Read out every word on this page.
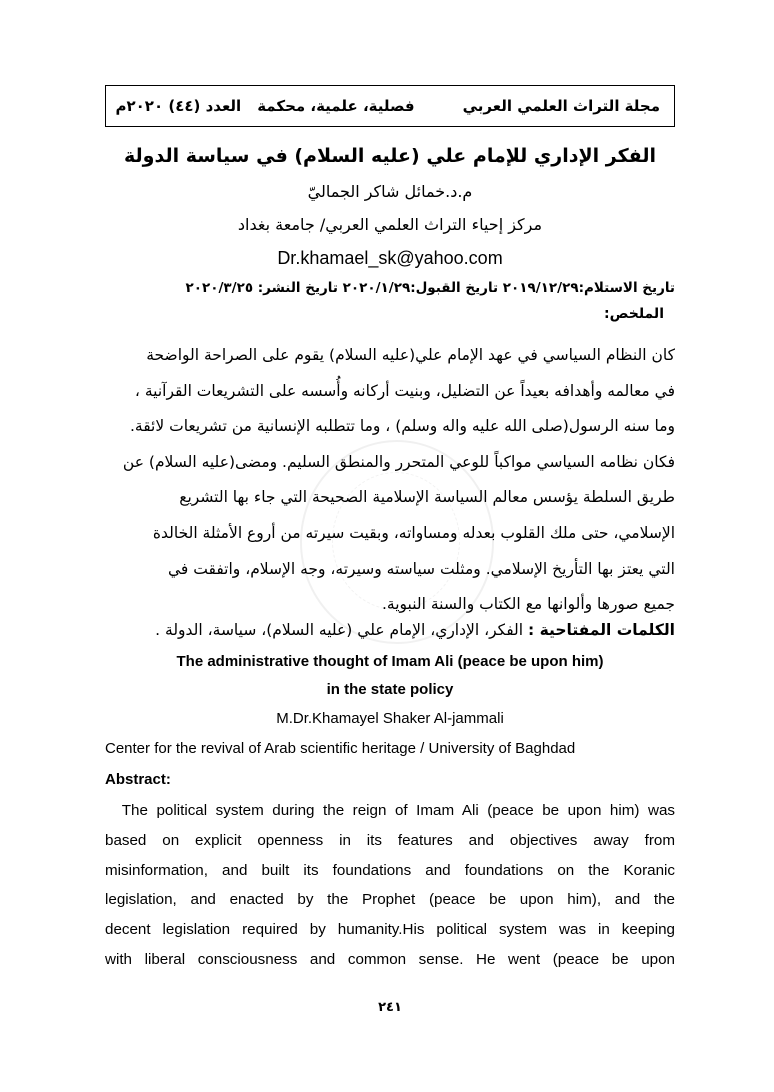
مجلة التراث العلمي العربي
فصلية، علمية، محكمة
العدد (٤٤) ٢٠٢٠م
الفكر الإداري للإمام علي (عليه السلام) في سياسة الدولة
م.د.خمائل شاكر الجماليّ
مركز إحياء التراث العلمي العربي/ جامعة بغداد
Dr.khamael_sk@yahoo.com
تاريخ الاستلام:٢٠١٩/١٢/٢٩ تاريخ القبول:٢٠٢٠/١/٢٩ تاريخ النشر: ٢٠٢٠/٣/٢٥
الملخص:

كان النظام السياسي في عهد الإمام علي(عليه السلام) يقوم على الصراحة الواضحة

في معالمه وأهدافه بعيداً عن التضليل، وبنيت أركانه وأُسسه على التشريعات القرآنية ،

وما سنه الرسول(صلى الله عليه واله وسلم) ، وما تتطلبه الإنسانية من تشريعات لائقة.

فكان نظامه السياسي مواكباً للوعي المتحرر والمنطق السليم. ومضى(عليه السلام) عن

طريق السلطة يؤسس معالم السياسة الإسلامية الصحيحة التي جاء بها التشريع

الإسلامي، حتى ملك القلوب بعدله ومساواته، وبقيت سيرته من أروع الأمثلة الخالدة

التي يعتز بها التأريخ الإسلامي. ومثلت سياسته وسيرته، وجه الإسلام، واتفقت في

جميع صورها وألوانها مع الكتاب والسنة النبوية.

الكلمات المفتاحية : الفكر، الإداري، الإمام علي (عليه السلام)، سياسة، الدولة .
The administrative thought of Imam Ali (peace be upon him)
in the state policy
M.Dr.Khamayel Shaker Al-jammali
Center for the revival of Arab scientific heritage / University of Baghdad
Abstract:
The political system during the reign of Imam Ali (peace be upon him) was
based on explicit openness in its features and objectives away from
misinformation, and built its foundations and foundations on the Koranic
legislation, and enacted by the Prophet (peace be upon him), and the
decent legislation required by humanity.His political system was in keeping
with liberal consciousness and common sense. He went (peace be upon
٢٤١
